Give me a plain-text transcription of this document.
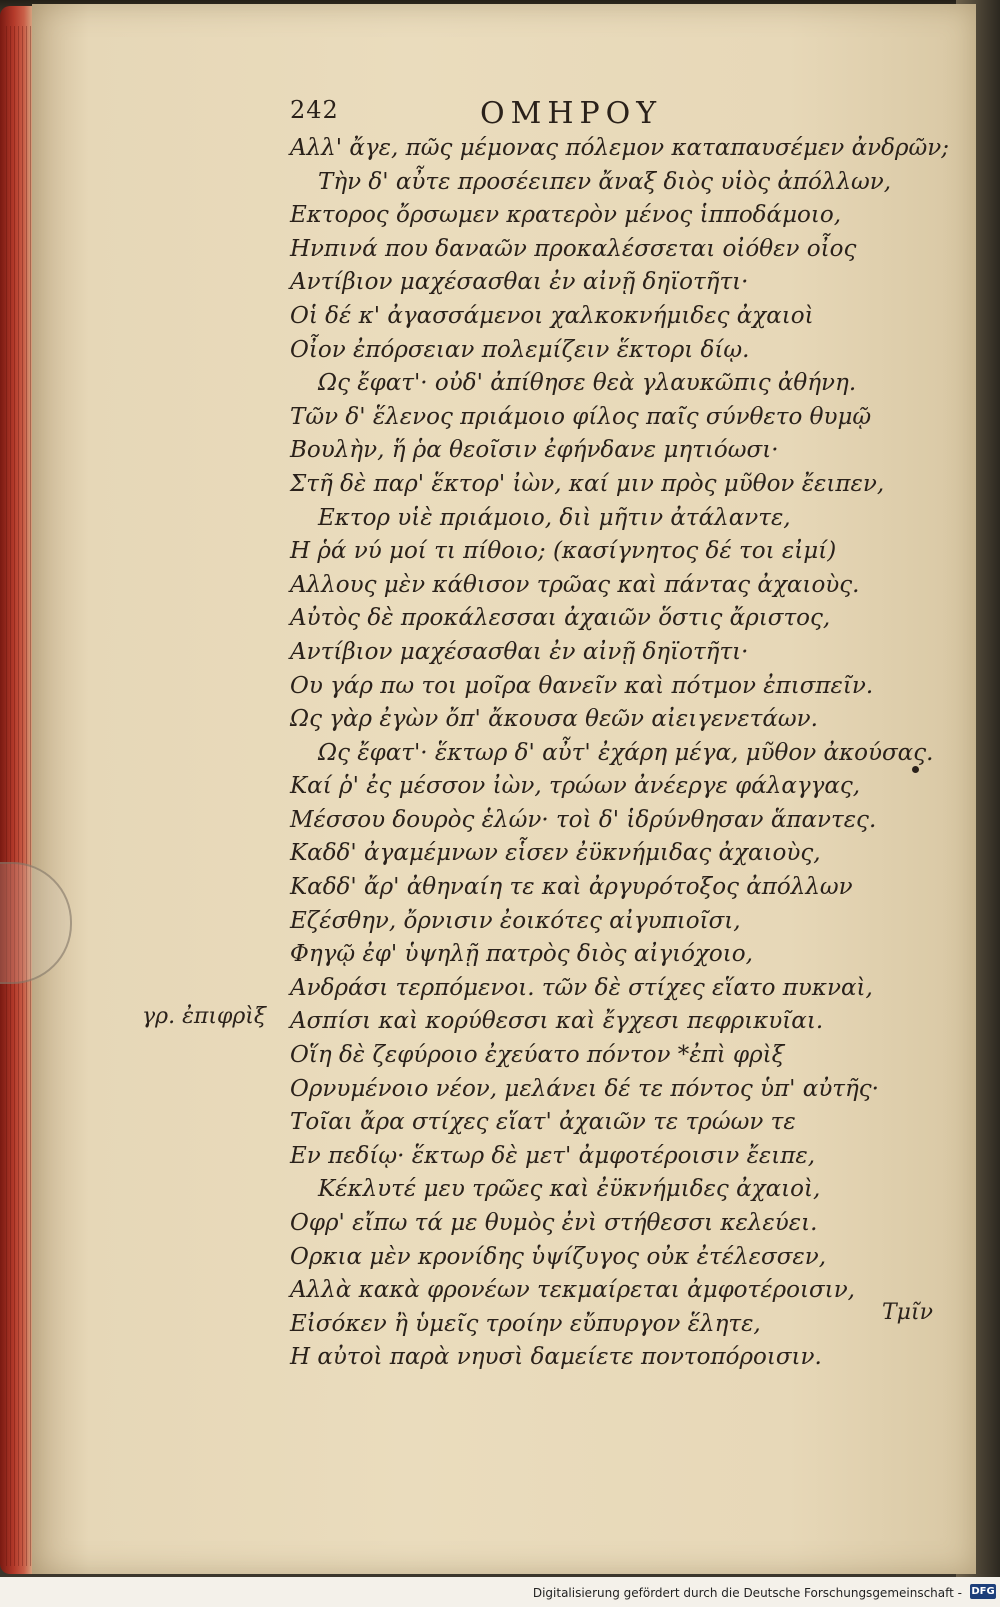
242	ΟΜΗΡΟΥ
Αλλ' ἄγε, πῶς μέμονας πόλεμον καταπαυσέμεν ἀνδρῶν;
Τὴν δ' αὖτε προσέειπεν ἄναξ διὸς υἱὸς ἀπόλλων,
Εκτορος ὄρσωμεν κρατερὸν μένος ἱπποδάμοιο,
Ηνπινά που δαναῶν προκαλέσσεται οἰόθεν οἶος
Αντίβιον μαχέσασθαι ἐν αἰνῇ δηϊοτῆτι·
Οἱ δέ κ' ἀγασσάμενοι χαλκοκνήμιδες ἀχαιοὶ
Οἶον ἐπόρσειαν πολεμίζειν ἕκτορι δίῳ.
Ως ἔφατ'· οὐδ' ἀπίθησε θεὰ γλαυκῶπις ἀθήνη.
Τῶν δ' ἕλενος πριάμοιο φίλος παῖς σύνθετο θυμῷ
Βουλὴν, ἥ ῥα θεοῖσιν ἐφήνδανε μητιόωσι·
Στῆ δὲ παρ' ἕκτορ' ἰὼν, καί μιν πρὸς μῦθον ἔειπεν,
Εκτορ υἱὲ πριάμοιο, διὶ μῆτιν ἀτάλαντε,
Η ῥά νύ μοί τι πίθοιο; (κασίγνητος δέ τοι εἰμί)
Αλλους μὲν κάθισον τρῶας καὶ πάντας ἀχαιοὺς.
Αὐτὸς δὲ προκάλεσσαι ἀχαιῶν ὅστις ἄριστος,
Αντίβιον μαχέσασθαι ἐν αἰνῇ δηϊοτῆτι·
Ου γάρ πω τοι μοῖρα θανεῖν καὶ πότμον ἐπισπεῖν.
Ως γὰρ ἐγὼν ὄπ' ἄκουσα θεῶν αἰειγενετάων.
Ως ἔφατ'· ἕκτωρ δ' αὖτ' ἐχάρη μέγα, μῦθον ἀκούσας.
Καί ῥ' ἐς μέσσον ἰὼν, τρώων ἀνέεργε φάλαγγας,
Μέσσου δουρὸς ἑλών· τοὶ δ' ἱδρύνθησαν ἅπαντες.
Καδδ' ἀγαμέμνων εἷσεν ἐϋκνήμιδας ἀχαιοὺς,
Καδδ' ἄρ' ἀθηναίη τε καὶ ἀργυρότοξος ἀπόλλων
Εζέσθην, ὄρνισιν ἐοικότες αἰγυπιοῖσι,
Φηγῷ ἐφ' ὑψηλῇ πατρὸς διὸς αἰγιόχοιο,
Ανδράσι τερπόμενοι. τῶν δὲ στίχες εἵατο πυκναὶ,
Ασπίσι καὶ κορύθεσσι καὶ ἔγχεσι πεφρικυῖαι.
Οἵη δὲ ζεφύροιο ἐχεύατο πόντον *ἐπὶ φρὶξ
Ορνυμένοιο νέον, μελάνει δέ τε πόντος ὑπ' αὐτῆς·
Τοῖαι ἄρα στίχες εἵατ' ἀχαιῶν τε τρώων τε
Εν πεδίῳ· ἕκτωρ δὲ μετ' ἀμφοτέροισιν ἔειπε,
Κέκλυτέ μευ τρῶες καὶ ἐϋκνήμιδες ἀχαιοὶ,
Οφρ' εἴπω τά με θυμὸς ἐνὶ στήθεσσι κελεύει.
Ορκια μὲν κρονίδης ὑψίζυγος οὐκ ἐτέλεσσεν,
Αλλὰ κακὰ φρονέων τεκμαίρεται ἀμφοτέροισιν,
Εἰσόκεν ἢ ὑμεῖς τροίην εὔπυργον ἕλητε,
Η αὐτοὶ παρὰ νηυσὶ δαμείετε ποντοπόροισιν.
γρ. ἐπιφρὶξ
Τμῖν
Digitalisierung gefördert durch die Deutsche Forschungsgemeinschaft - DFG
